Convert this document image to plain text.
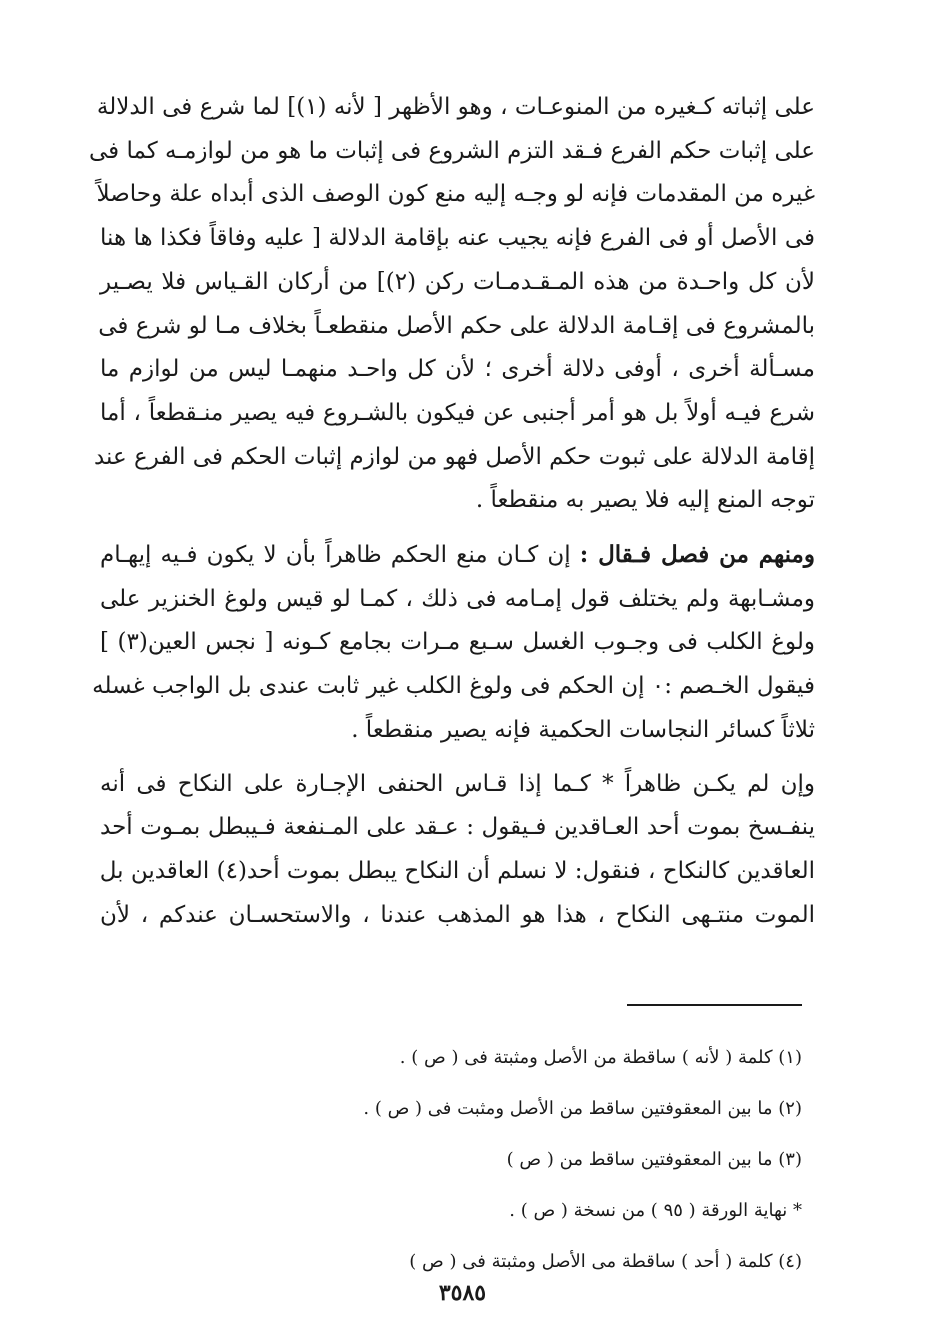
على إثباته كـغيره من المنوعـات ، وهو الأظهر [ لأنه (١)] لما شرع فى الدلالة
على إثبات حكم الفرع فـقد التزم الشروع فى إثبات ما هو من لوازمـه كما فى
غيره من المقدمات فإنه لو وجـه إليه منع كون الوصف الذى أبداه علة وحاصلاً
فى الأصل أو فى الفرع فإنه يجيب عنه بإقامة الدلالة [ عليه وفاقاً فكذا ها هنا
لأن كل واحـدة من هذه المـقـدمـات ركن (٢)] من أركان القـياس فلا يصـير
بالمشروع فى إقـامة الدلالة على حكم الأصل منقطعـاً بخلاف مـا لو شرع فى
مسـألة أخرى ، أوفى دلالة أخرى ؛ لأن كل واحـد منهمـا ليس من لوازم ما
شرع فيـه أولاً بل هو أمر أجنبى عن فيكون بالشـروع فيه يصير منـقطعاً ، أما
إقامة الدلالة على ثبوت حكم الأصل فهو من لوازم إثبات الحكم فى الفرع عند
توجه المنع إليه فلا يصير به منقطعاً .

ومنهم من فصل فـقال : إن كـان منع الحكم ظاهراً بأن لا يكون فـيه إيهـام
ومشـابهة ولم يختلف قول إمـامه فى ذلك ، كمـا لو قيس ولوغ الخنزير على
ولوغ الكلب فى وجـوب الغسل سـبع مـرات بجامع كـونه [ نجس العين(٣) ]
فيقول الخـصم :٠ إن الحكم فى ولوغ الكلب غير ثابت عندى بل الواجب غسله
ثلاثاً كسائر النجاسات الحكمية فإنه يصير منقطعاً .

وإن لم يكـن ظاهراً * كـما إذا قـاس الحنفى الإجـارة على النكاح فى أنه
ينفـسخ بموت أحد العـاقدين فـيقول : عـقد على المـنفعة فـيبطل بمـوت أحد
العاقدين كالنكاح ، فنقول: لا نسلم أن النكاح يبطل بموت أحد(٤) العاقدين بل
الموت منتـهى النكاح ، هذا هو المذهب عندنا ، والاستحسـان عندكم ، لأن

(١) كلمة ( لأنه ) ساقطة من الأصل ومثبتة فى ( ص ) .
(٢) ما بين المعقوفتين ساقط من الأصل ومثبت فى ( ص ) .
(٣) ما بين المعقوفتين ساقط من ( ص )
* نهاية الورقة ( ٩٥ ) من نسخة ( ص ) .
(٤) كلمة ( أحد ) ساقطة مى الأصل ومثبتة فى ( ص )
٣٥٨٥
